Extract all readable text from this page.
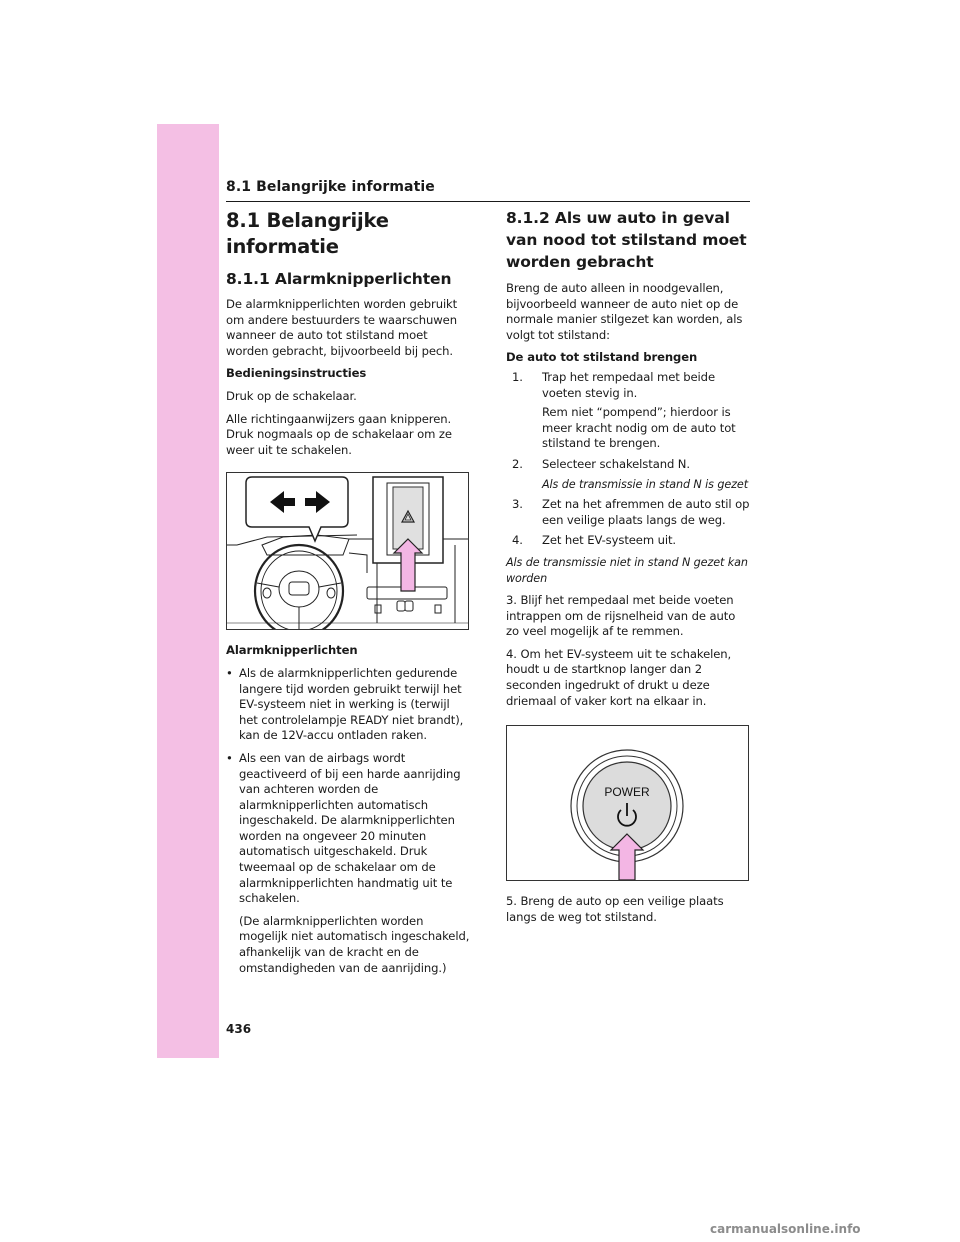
8.1 Belangrijke informatie
8.1 Belangrijke informatie
8.1.1 Alarmknipperlichten

De alarmknipperlichten worden gebruikt om andere bestuurders te waarschuwen wanneer de auto tot stilstand moet worden gebracht, bijvoorbeeld bij pech.

Bedieningsinstructies

Druk op de schakelaar.

Alle richtingaanwijzers gaan knipperen. Druk nogmaals op de schakelaar om ze weer uit te schakelen.

Alarmknipperlichten

• Als de alarmknipperlichten gedurende langere tijd worden gebruikt terwijl het EV-systeem niet in werking is (terwijl het controlelampje READY niet brandt), kan de 12V-accu ontladen raken.

• Als een van de airbags wordt geactiveerd of bij een harde aanrijding van achteren worden de alarmknipperlichten automatisch ingeschakeld. De alarmknipperlichten worden na ongeveer 20 minuten automatisch uitgeschakeld. Druk tweemaal op de schakelaar om de alarmknipperlichten handmatig uit te schakelen.

(De alarmknipperlichten worden mogelijk niet automatisch ingeschakeld, afhankelijk van de kracht en de omstandigheden van de aanrijding.)

8.1.2 Als uw auto in geval van nood tot stilstand moet worden gebracht

Breng de auto alleen in noodgevallen, bijvoorbeeld wanneer de auto niet op de normale manier stilgezet kan worden, als volgt tot stilstand:

De auto tot stilstand brengen

1.	Trap het rempedaal met beide voeten stevig in.

Rem niet “pompend”; hierdoor is meer kracht nodig om de auto tot stilstand te brengen.

2.	Selecteer schakelstand N.

Als de transmissie in stand N is gezet

3.	Zet na het afremmen de auto stil op een veilige plaats langs de weg.

4.	Zet het EV-systeem uit.

Als de transmissie niet in stand N gezet kan worden

3. Blijf het rempedaal met beide voeten intrappen om de rijsnelheid van de auto zo veel mogelijk af te remmen.

4. Om het EV-systeem uit te schakelen, houdt u de startknop langer dan 2 seconden ingedrukt of drukt u deze driemaal of vaker kort na elkaar in.

POWER

5. Breng de auto op een veilige plaats langs de weg tot stilstand.

436
carmanualsonline.info
